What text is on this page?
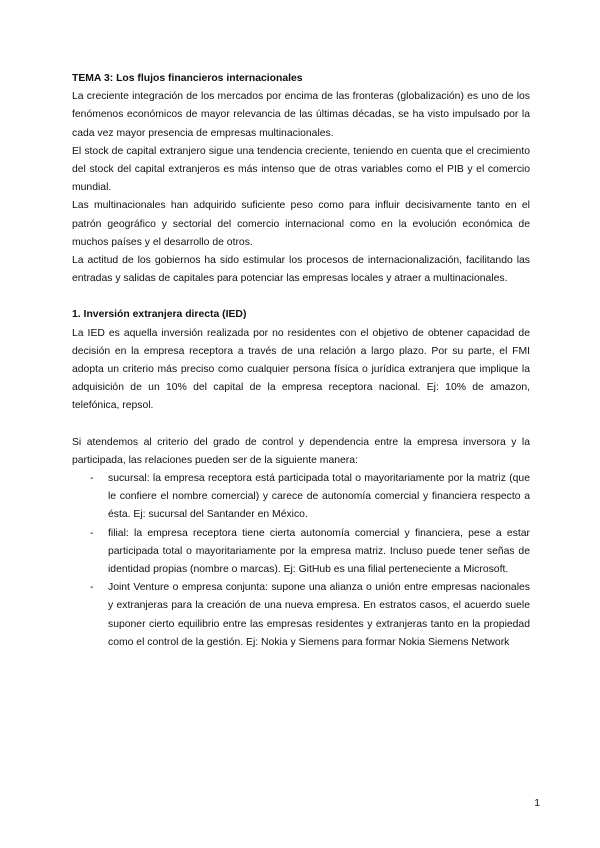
TEMA 3: Los flujos financieros internacionales

La creciente integración de los mercados por encima de las fronteras (globalización) es uno de los fenómenos económicos de mayor relevancia de las últimas décadas, se ha visto impulsado por la cada vez mayor presencia de empresas multinacionales.

El stock de capital extranjero sigue una tendencia creciente, teniendo en cuenta que el crecimiento del stock del capital extranjeros es más intenso que de otras variables como el PIB y el comercio mundial.

Las multinacionales han adquirido suficiente peso como para influir decisivamente tanto en el patrón geográfico y sectorial del comercio internacional como en la evolución económica de muchos países y el desarrollo de otros.

La actitud de los gobiernos ha sido estimular los procesos de internacionalización, facilitando las entradas y salidas de capitales para potenciar las empresas locales y atraer a multinacionales.

1. Inversión extranjera directa (IED)

La IED es aquella inversión realizada por no residentes con el objetivo de obtener capacidad de decisión en la empresa receptora a través de una relación a largo plazo. Por su parte, el FMI adopta un criterio más preciso como cualquier persona física o jurídica extranjera que implique la adquisición de un 10% del capital de la empresa receptora nacional. Ej: 10% de amazon, telefónica, repsol.

Si atendemos al criterio del grado de control y dependencia entre la empresa inversora y la participada, las relaciones pueden ser de la siguiente manera:

- sucursal: la empresa receptora está participada total o mayoritariamente por la matriz (que le confiere el nombre comercial) y carece de autonomía comercial y financiera respecto a ésta. Ej: sucursal del Santander en México.
- filial: la empresa receptora tiene cierta autonomía comercial y financiera, pese a estar participada total o mayoritariamente por la empresa matriz. Incluso puede tener señas de identidad propias (nombre o marcas). Ej: GitHub es una filial perteneciente a Microsoft.
- Joint Venture o empresa conjunta: supone una alianza o unión entre empresas nacionales y extranjeras para la creación de una nueva empresa. En estratos casos, el acuerdo suele suponer cierto equilibrio entre las empresas residentes y extranjeras tanto en la propiedad como el control de la gestión. Ej: Nokia y Siemens para formar Nokia Siemens Network
1
